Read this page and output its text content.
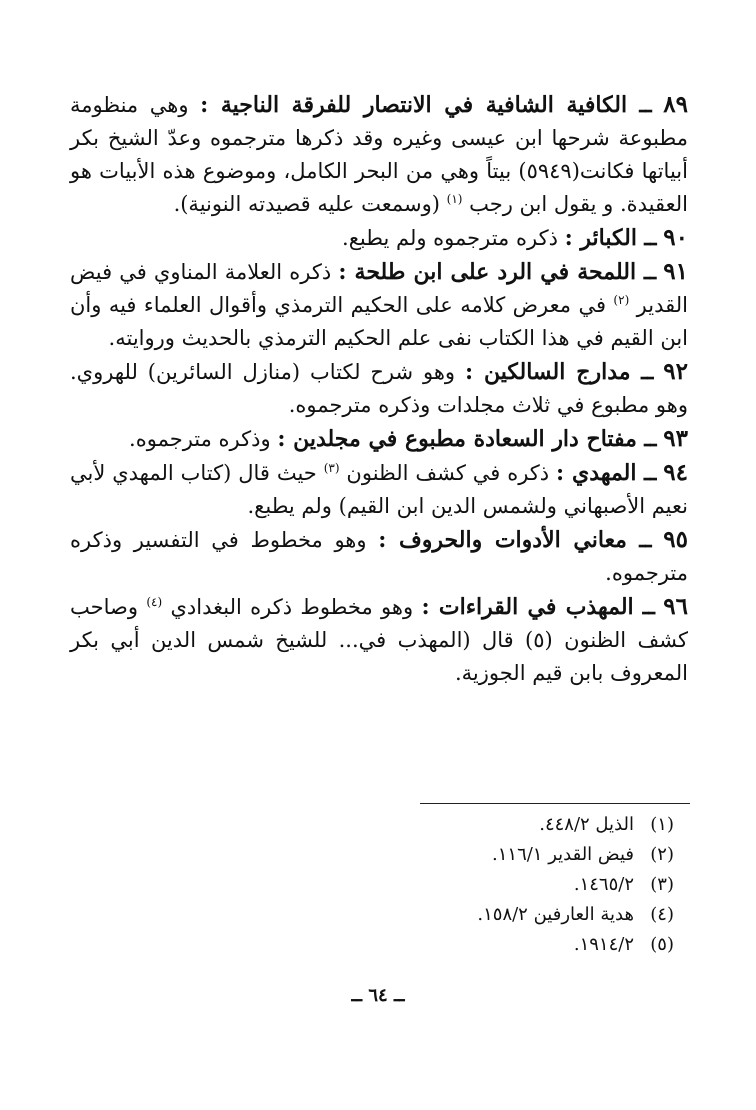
٨٩ ــ الكافية الشافية في الانتصار للفرقة الناجية : وهي منظومة مطبوعة شرحها ابن عيسى وغيره وقد ذكرها مترجموه وعدّ الشيخ بكر أبياتها فكانت(٥٩٤٩) بيتاً وهي من البحر الكامل، وموضوع هذه الأبيات هو العقيدة. و يقول ابن رجب $^{(١)}$ (وسمعت عليه قصيدته النونية).

٩٠ ــ الكبائر : ذكره مترجموه ولم يطبع.

٩١ ــ اللمحة في الرد على ابن طلحة : ذكره العلامة المناوي في فيض القدير $^{(٢)}$ في معرض كلامه على الحكيم الترمذي وأقوال العلماء فيه وأن ابن القيم في هذا الكتاب نفى علم الحكيم الترمذي بالحديث وروايته.

٩٢ ــ مدارج السالكين : وهو شرح لكتاب (منازل السائرين) للهروي. وهو مطبوع في ثلاث مجلدات وذكره مترجموه.

٩٣ ــ مفتاح دار السعادة مطبوع في مجلدين : وذكره مترجموه.

٩٤ ــ المهدي : ذكره في كشف الظنون $^{(٣)}$ حيث قال (كتاب المهدي لأبي نعيم الأصبهاني ولشمس الدين ابن القيم) ولم يطبع.

٩٥ ــ معاني الأدوات والحروف : وهو مخطوط في التفسير وذكره مترجموه.

٩٦ ــ المهذب في القراءات : وهو مخطوط ذكره البغدادي $^{(٤)}$ وصاحب كشف الظنون (٥) قال (المهذب في... للشيخ شمس الدين أبي بكر المعروف بابن قيم الجوزية.

(١)
الذيل ٤٤٨/٢.
(٢)
فيض القدير ١١٦/١.
(٣)
١٤٦٥/٢.
(٤)
هدية العارفين ١٥٨/٢.
(٥)
١٩١٤/٢.
ــ ٦٤ ــ
